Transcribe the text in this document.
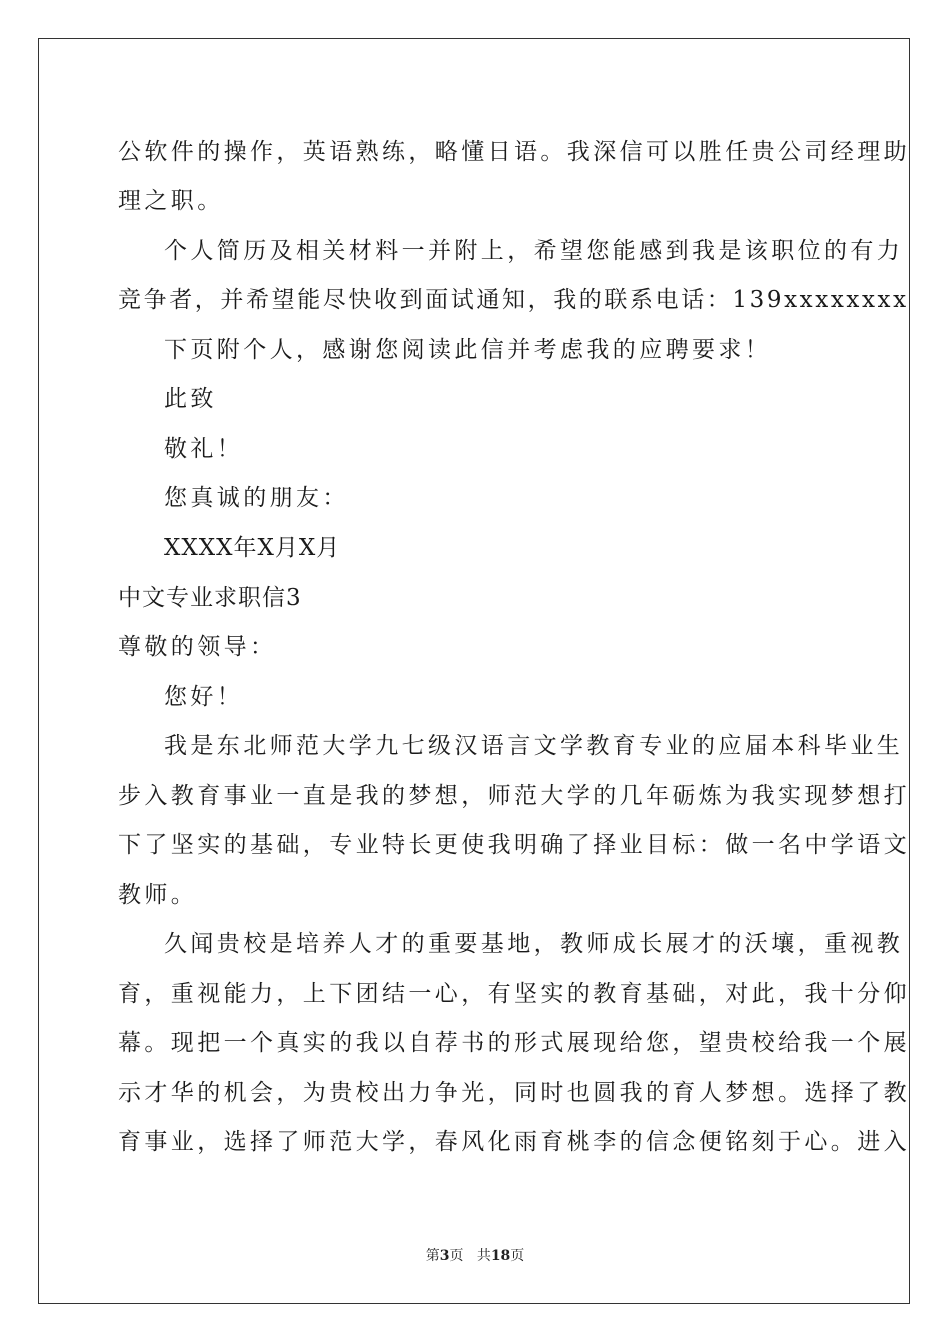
公软件的操作，英语熟练，略懂日语。我深信可以胜任贵公司经理助
理之职。
个人简历及相关材料一并附上，希望您能感到我是该职位的有力
竞争者，并希望能尽快收到面试通知，我的联系电话：139xxxxxxxx
下页附个人，感谢您阅读此信并考虑我的应聘要求！
此致
敬礼！
您真诚的朋友：
XXXX年X月X月
中文专业求职信3
尊敬的领导：
您好！
我是东北师范大学九七级汉语言文学教育专业的应届本科毕业生
步入教育事业一直是我的梦想，师范大学的几年砺炼为我实现梦想打
下了坚实的基础，专业特长更使我明确了择业目标：做一名中学语文
教师。
久闻贵校是培养人才的重要基地，教师成长展才的沃壤，重视教
育，重视能力，上下团结一心，有坚实的教育基础，对此，我十分仰
幕。现把一个真实的我以自荐书的形式展现给您，望贵校给我一个展
示才华的机会，为贵校出力争光，同时也圆我的育人梦想。选择了教
育事业，选择了师范大学，春风化雨育桃李的信念便铭刻于心。进入
第3页 共18页
